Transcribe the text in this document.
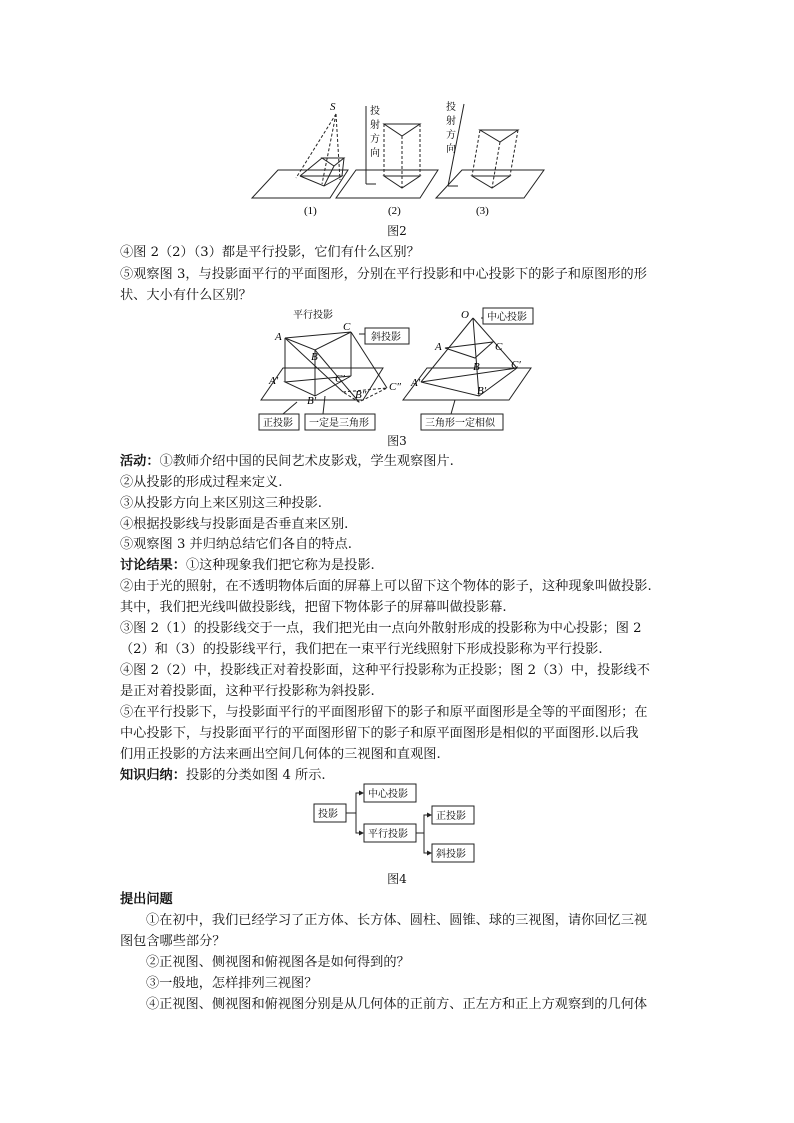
S	投
射
方
向
投
射
方
向
(1)	(2)	(3)
图2
④图 2（2）（3）都是平行投影，它们有什么区别？
⑤观察图 3，与投影面平行的平面图形，分别在平行投影和中心投影下的影子和原图形的形
状、大小有什么区别？
平行投影
斜投影
正投影 一定是三角形
A
B
C
A′
B′
C′
B″
C″
中心投影
三角形一定相似
O
A
B
C
A′
B′
C′
图3
活动：①教师介绍中国的民间艺术皮影戏，学生观察图片.
②从投影的形成过程来定义.
③从投影方向上来区别这三种投影.
④根据投影线与投影面是否垂直来区别.
⑤观察图 3 并归纳总结它们各自的特点.
讨论结果：①这种现象我们把它称为是投影.
②由于光的照射，在不透明物体后面的屏幕上可以留下这个物体的影子，这种现象叫做投影.
其中，我们把光线叫做投影线，把留下物体影子的屏幕叫做投影幕.
③图 2（1）的投影线交于一点，我们把光由一点向外散射形成的投影称为中心投影；图 2
（2）和（3）的投影线平行，我们把在一束平行光线照射下形成投影称为平行投影.
④图 2（2）中，投影线正对着投影面，这种平行投影称为正投影；图 2（3）中，投影线不
是正对着投影面，这种平行投影称为斜投影.
⑤在平行投影下，与投影面平行的平面图形留下的影子和原平面图形是全等的平面图形；在
中心投影下，与投影面平行的平面图形留下的影子和原平面图形是相似的平面图形.以后我
们用正投影的方法来画出空间几何体的三视图和直观图.
知识归纳：投影的分类如图 4 所示.
投影
中心投影
平行投影
正投影
斜投影
图4
提出问题
①在初中，我们已经学习了正方体、长方体、圆柱、圆锥、球的三视图，请你回忆三视
图包含哪些部分？
②正视图、侧视图和俯视图各是如何得到的？
③一般地，怎样排列三视图？
④正视图、侧视图和俯视图分别是从几何体的正前方、正左方和正上方观察到的几何体
